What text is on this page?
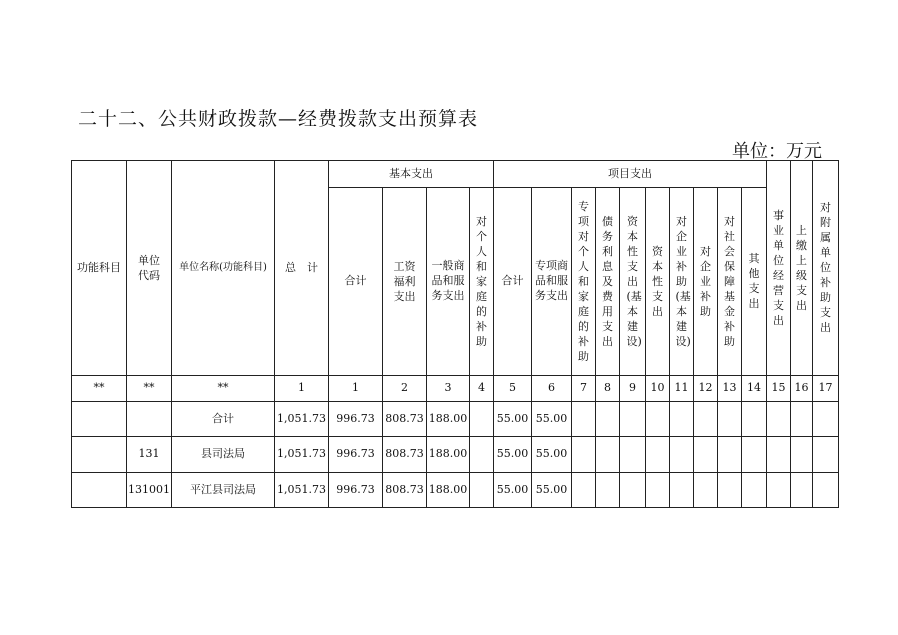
二十二、公共财政拨款—经费拨款支出预算表
单位：万元
功能科目	单位代码	单位名称(功能科目)	总　计	基本支出				项目支出										事业单位经营支出	上缴上级支出	对附属单位补助支出
				合计	工资福利支出	一般商品和服务支出	对个人和家庭的补助	合计	专项商品和服务支出	专项对个人和家庭的补助	债务利息及费用支出	资本性支出(基本建设)	资本性支出	对企业补助(基本建设)	对企业补助	对社会保障基金补助	其他支出			
**	**	**	1	1	2	3	4	5	6	7	8	9	10	11	12	13	14	15	16	17
		合计	1,051.73	996.73	808.73	188.00		55.00	55.00											
	131	县司法局	1,051.73	996.73	808.73	188.00		55.00	55.00											
	131001	平江县司法局	1,051.73	996.73	808.73	188.00		55.00	55.00											
